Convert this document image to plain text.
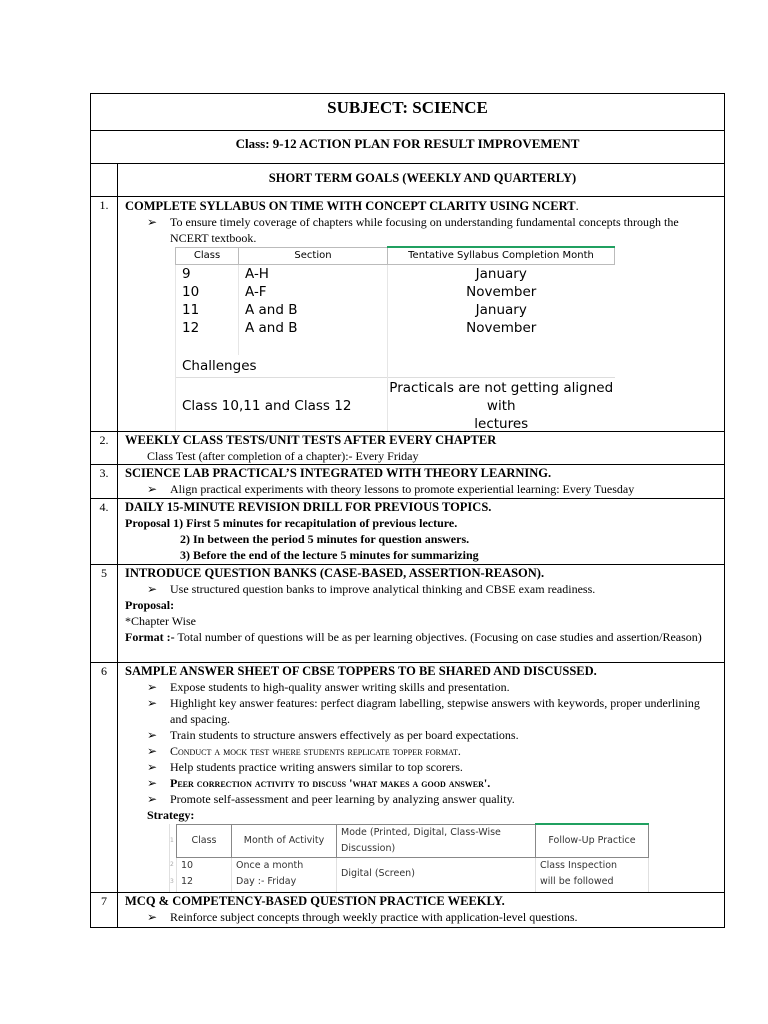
SUBJECT: SCIENCE
Class: 9-12 ACTION PLAN FOR RESULT IMPROVEMENT
SHORT TERM GOALS (WEEKLY AND QUARTERLY)
1.	COMPLETE SYLLABUS ON TIME WITH CONCEPT CLARITY USING NCERT.
➢ To ensure timely coverage of chapters while focusing on understanding fundamental concepts through the NCERT textbook.
Class	Section	Tentative Syllabus Completion Month
9	A-H	January
10	A-F	November
11	A and B	January
12	A and B	November

Challenges		
Class 10,11 and Class 12		Practicals are not getting aligned
with
lectures
2.	WEEKLY CLASS TESTS/UNIT TESTS AFTER EVERY CHAPTER
Class Test (after completion of a chapter):- Every Friday
3.	SCIENCE LAB PRACTICAL’S INTEGRATED WITH THEORY LEARNING.
➢ Align practical experiments with theory lessons to promote experiential learning: Every Tuesday
4.	DAILY 15-MINUTE REVISION DRILL FOR PREVIOUS TOPICS.
Proposal 1) First 5 minutes for recapitulation of previous lecture.
2) In between the period 5 minutes for question answers.
3) Before the end of the lecture 5 minutes for summarizing
5	INTRODUCE QUESTION BANKS (CASE-BASED, ASSERTION-REASON).
➢ Use structured question banks to improve analytical thinking and CBSE exam readiness.
Proposal:
*Chapter Wise
Format :- Total number of questions will be as per learning objectives. (Focusing on case studies and assertion/Reason)
6	SAMPLE ANSWER SHEET OF CBSE TOPPERS TO BE SHARED AND DISCUSSED.
➢ Expose students to high-quality answer writing skills and presentation.
➢ Highlight key answer features: perfect diagram labelling, stepwise answers with keywords, proper underlining and spacing.
➢ Train students to structure answers effectively as per board expectations.
➢ Conduct a mock test where students replicate topper format.
➢ Help students practice writing answers similar to top scorers.
➢ Peer correction activity to discuss 'what makes a good answer'.
➢ Promote self-assessment and peer learning by analyzing answer quality.
Strategy:
1	Class	Month of Activity	Mode (Printed, Digital, Class-Wise Discussion)	Follow-Up Practice	
2	10	Once a month	Digital (Screen)	Class Inspection	
3	12	Day :- Friday		will be followed	

7	MCQ & COMPETENCY-BASED QUESTION PRACTICE WEEKLY.
➢ Reinforce subject concepts through weekly practice with application-level questions.
